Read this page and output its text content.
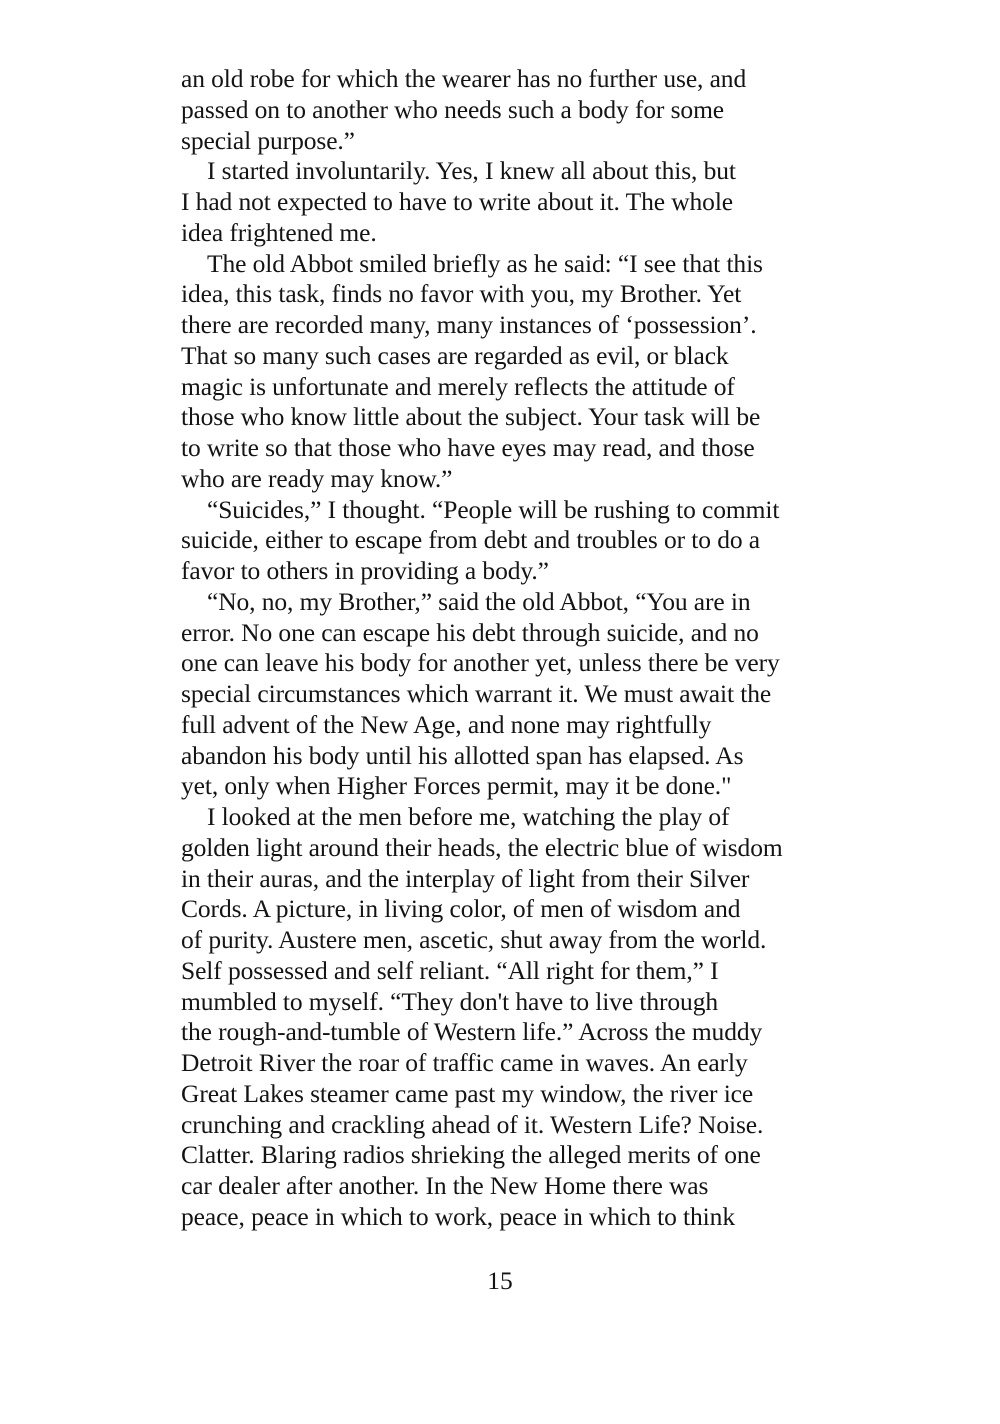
an old robe for which the wearer has no further use, and
passed on to another who needs such a body for some
special purpose.”
I started involuntarily. Yes, I knew all about this, but
I had not expected to have to write about it. The whole
idea frightened me.
The old Abbot smiled briefly as he said: “I see that this
idea, this task, finds no favor with you, my Brother. Yet
there are recorded many, many instances of ‘possession’.
That so many such cases are regarded as evil, or black
magic is unfortunate and merely reflects the attitude of
those who know little about the subject. Your task will be
to write so that those who have eyes may read, and those
who are ready may know.”
“Suicides,” I thought. “People will be rushing to commit
suicide, either to escape from debt and troubles or to do a
favor to others in providing a body.”
“No, no, my Brother,” said the old Abbot, “You are in
error. No one can escape his debt through suicide, and no
one can leave his body for another yet, unless there be very
special circumstances which warrant it. We must await the
full advent of the New Age, and none may rightfully
abandon his body until his allotted span has elapsed. As
yet, only when Higher Forces permit, may it be done."
I looked at the men before me, watching the play of
golden light around their heads, the electric blue of wisdom
in their auras, and the interplay of light from their Silver
Cords. A picture, in living color, of men of wisdom and
of purity. Austere men, ascetic, shut away from the world.
Self possessed and self reliant. “All right for them,” I
mumbled to myself. “They don't have to live through
the rough-and-tumble of Western life.” Across the muddy
Detroit River the roar of traffic came in waves. An early
Great Lakes steamer came past my window, the river ice
crunching and crackling ahead of it. Western Life? Noise.
Clatter. Blaring radios shrieking the alleged merits of one
car dealer after another. In the New Home there was
peace, peace in which to work, peace in which to think
15
